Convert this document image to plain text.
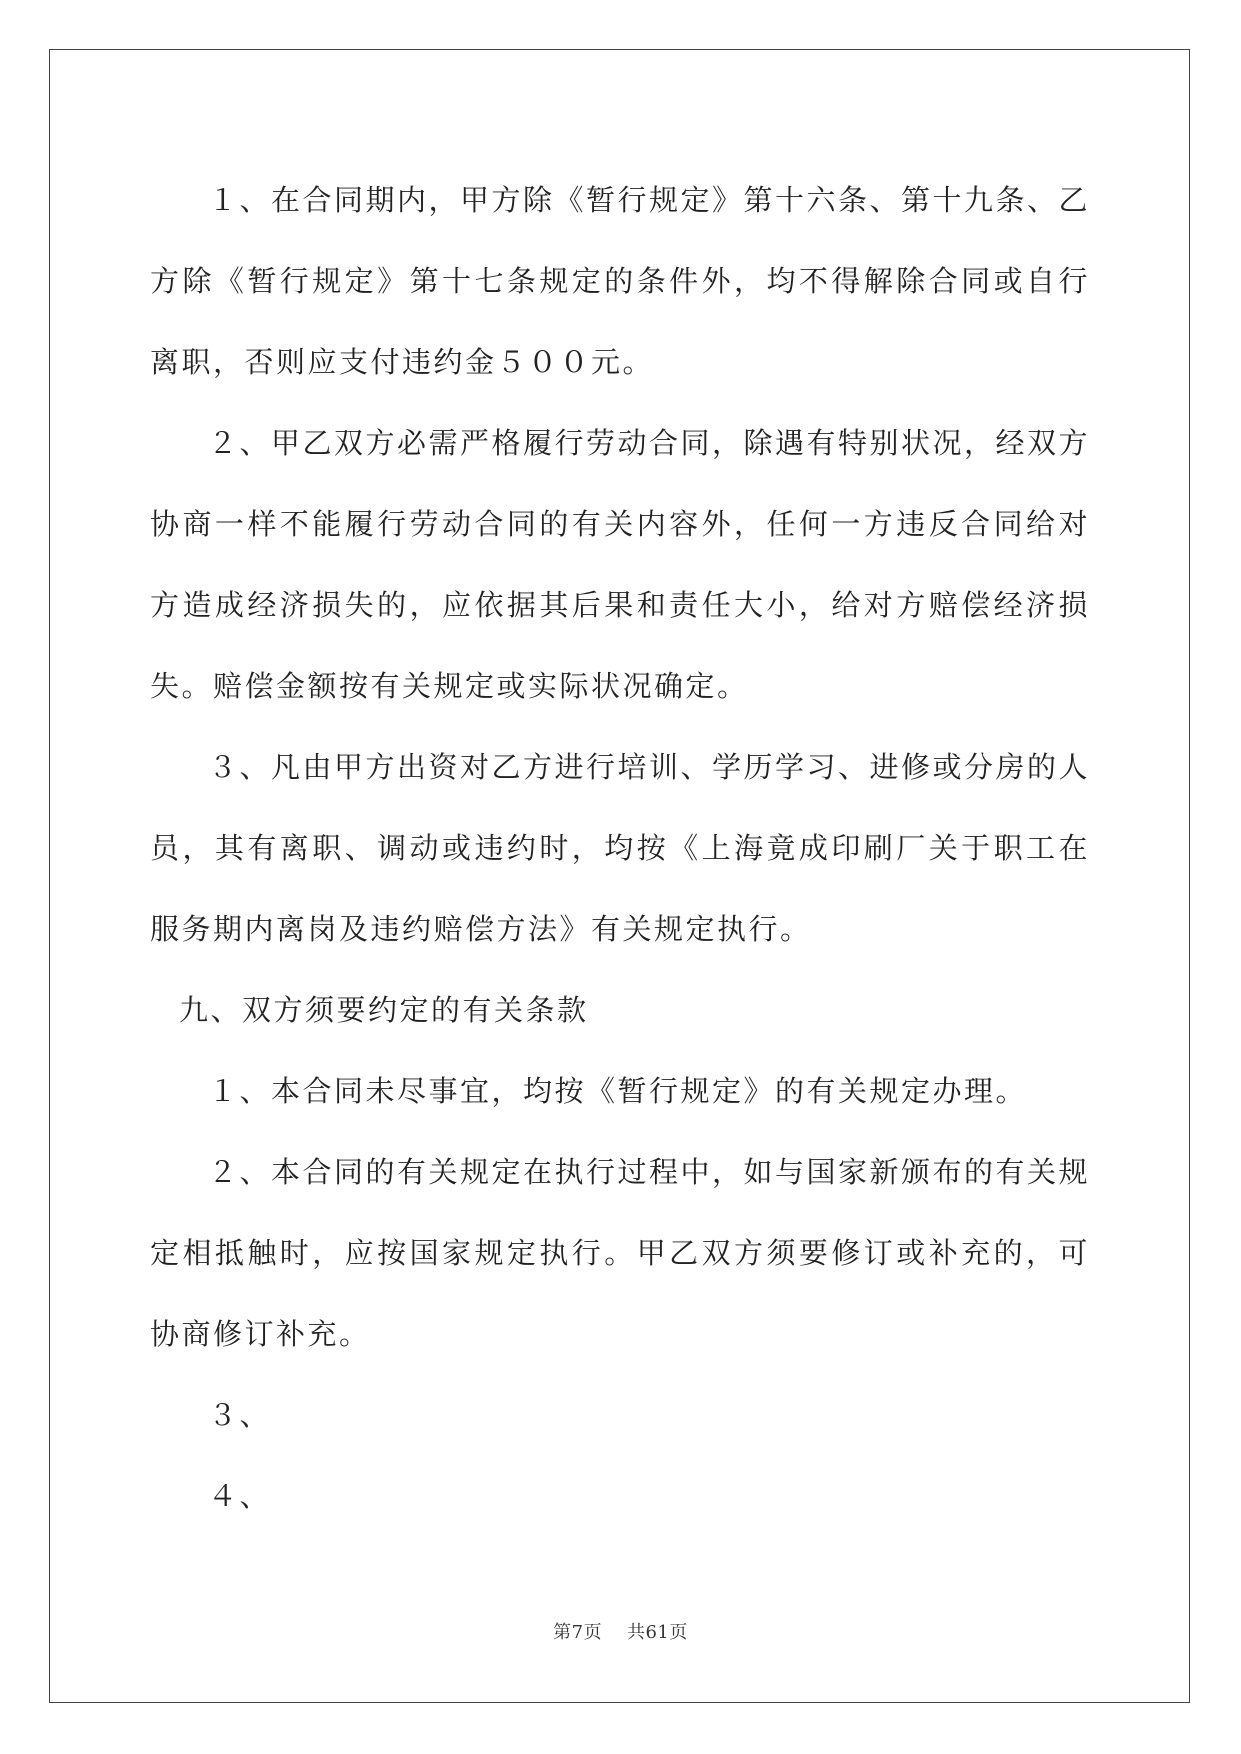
１、在合同期内，甲方除《暂行规定》第十六条、第十九条、乙方除《暂行规定》第十七条规定的条件外，均不得解除合同或自行离职，否则应支付违约金５００元。

２、甲乙双方必需严格履行劳动合同，除遇有特别状况，经双方协商一样不能履行劳动合同的有关内容外，任何一方违反合同给对方造成经济损失的，应依据其后果和责任大小，给对方赔偿经济损失。赔偿金额按有关规定或实际状况确定。

３、凡由甲方出资对乙方进行培训、学历学习、进修或分房的人员，其有离职、调动或违约时，均按《上海竟成印刷厂关于职工在服务期内离岗及违约赔偿方法》有关规定执行。

九、双方须要约定的有关条款

１、本合同未尽事宜，均按《暂行规定》的有关规定办理。

２、本合同的有关规定在执行过程中，如与国家新颁布的有关规定相抵触时，应按国家规定执行。甲乙双方须要修订或补充的，可协商修订补充。

３、

４、

第7页 共61页
